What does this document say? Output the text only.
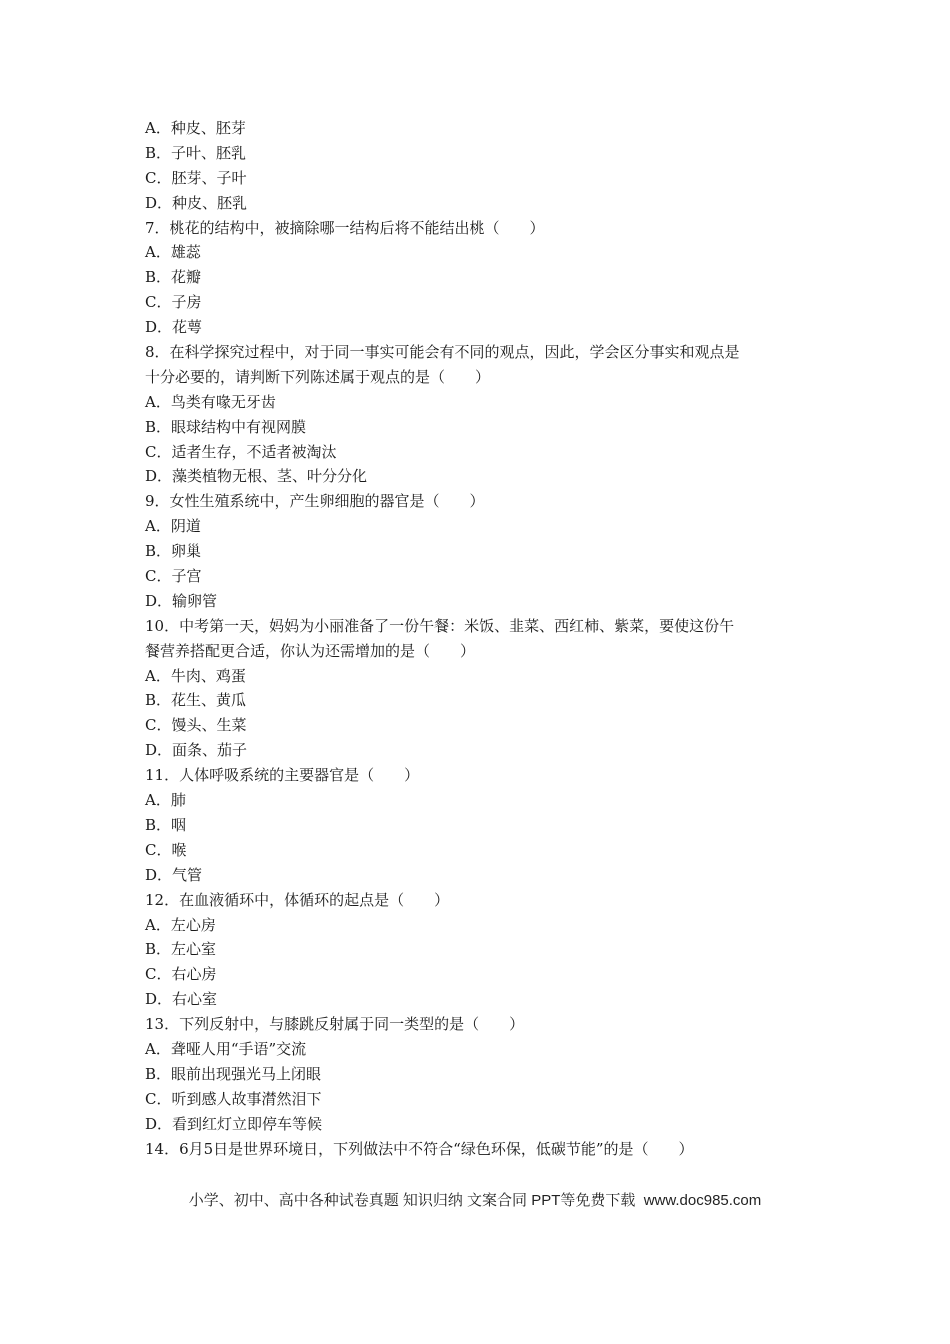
A．种皮、胚芽
B．子叶、胚乳
C．胚芽、子叶
D．种皮、胚乳
7．桃花的结构中，被摘除哪一结构后将不能结出桃（　　）
A．雄蕊
B．花瓣
C．子房
D．花萼
8．在科学探究过程中，对于同一事实可能会有不同的观点，因此，学会区分事实和观点是
十分必要的，请判断下列陈述属于观点的是（　　）
A．鸟类有喙无牙齿
B．眼球结构中有视网膜
C．适者生存，不适者被淘汰
D．藻类植物无根、茎、叶分分化
9．女性生殖系统中，产生卵细胞的器官是（　　）
A．阴道
B．卵巢
C．子宫
D．输卵管
10．中考第一天，妈妈为小丽准备了一份午餐：米饭、韭菜、西红柿、紫菜，要使这份午
餐营养搭配更合适，你认为还需增加的是（　　）
A．牛肉、鸡蛋
B．花生、黄瓜
C．馒头、生菜
D．面条、茄子
11．人体呼吸系统的主要器官是（　　）
A．肺
B．咽
C．喉
D．气管
12．在血液循环中，体循环的起点是（　　）
A．左心房
B．左心室
C．右心房
D．右心室
13．下列反射中，与膝跳反射属于同一类型的是（　　）
A．聋哑人用“手语”交流
B．眼前出现强光马上闭眼
C．听到感人故事潸然泪下
D．看到红灯立即停车等候
14．6月5日是世界环境日，下列做法中不符合“绿色环保，低碳节能”的是（　　）
小学、初中、高中各种试卷真题 知识归纳 文案合同 PPT等免费下载  www.doc985.com
